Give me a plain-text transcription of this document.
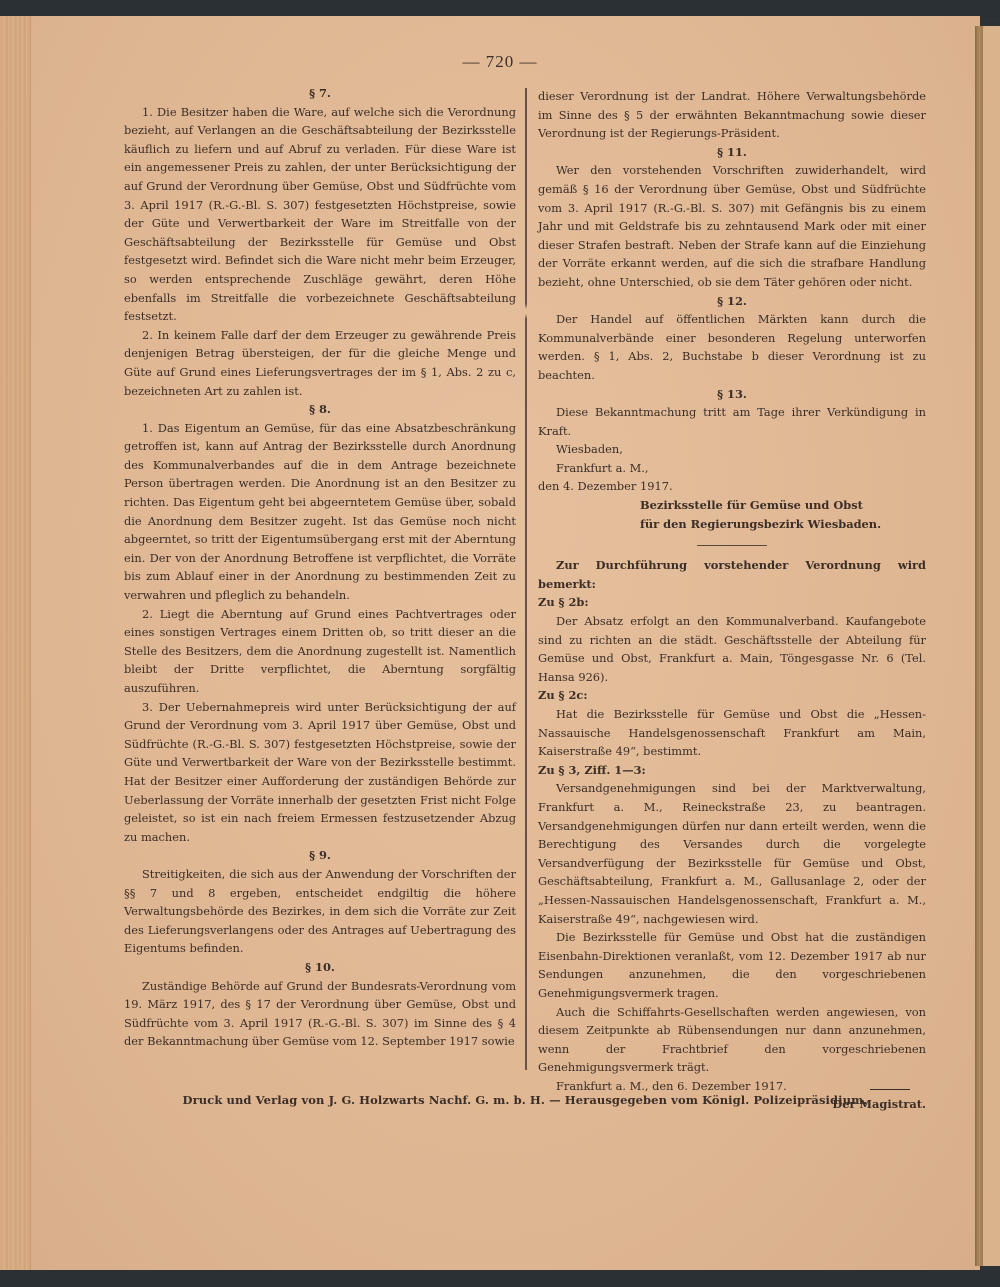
— 720 —

§ 7.

1. Die Besitzer haben die Ware, auf welche sich die Verordnung bezieht, auf Verlangen an die Geschäftsabteilung der Bezirksstelle käuflich zu liefern und auf Abruf zu verladen. Für diese Ware ist ein angemessener Preis zu zahlen, der unter Berücksichtigung der auf Grund der Verordnung über Gemüse, Obst und Südfrüchte vom 3. April 1917 (R.-G.-Bl. S. 307) festgesetzten Höchstpreise, sowie der Güte und Verwertbarkeit der Ware im Streitfalle von der Geschäftsabteilung der Bezirksstelle für Gemüse und Obst festgesetzt wird. Befindet sich die Ware nicht mehr beim Erzeuger, so werden entsprechende Zuschläge gewährt, deren Höhe ebenfalls im Streitfalle die vorbezeichnete Geschäftsabteilung festsetzt.

2. In keinem Falle darf der dem Erzeuger zu gewährende Preis denjenigen Betrag übersteigen, der für die gleiche Menge und Güte auf Grund eines Lieferungsvertrages der im § 1, Abs. 2 zu c, bezeichneten Art zu zahlen ist.

§ 8.

1. Das Eigentum an Gemüse, für das eine Absatzbeschränkung getroffen ist, kann auf Antrag der Bezirksstelle durch Anordnung des Kommunalverbandes auf die in dem Antrage bezeichnete Person übertragen werden. Die Anordnung ist an den Besitzer zu richten. Das Eigentum geht bei abgeerntetem Gemüse über, sobald die Anordnung dem Besitzer zugeht. Ist das Gemüse noch nicht abgeerntet, so tritt der Eigentumsübergang erst mit der Aberntung ein. Der von der Anordnung Betroffene ist verpflichtet, die Vorräte bis zum Ablauf einer in der Anordnung zu bestimmenden Zeit zu verwahren und pfleglich zu behandeln.

2. Liegt die Aberntung auf Grund eines Pachtvertrages oder eines sonstigen Vertrages einem Dritten ob, so tritt dieser an die Stelle des Besitzers, dem die Anordnung zugestellt ist. Namentlich bleibt der Dritte verpflichtet, die Aberntung sorgfältig auszuführen.

3. Der Uebernahmepreis wird unter Berücksichtigung der auf Grund der Verordnung vom 3. April 1917 über Gemüse, Obst und Südfrüchte (R.-G.-Bl. S. 307) festgesetzten Höchstpreise, sowie der Güte und Verwertbarkeit der Ware von der Bezirksstelle bestimmt. Hat der Besitzer einer Aufforderung der zuständigen Behörde zur Ueberlassung der Vorräte innerhalb der gesetzten Frist nicht Folge geleistet, so ist ein nach freiem Ermessen festzusetzender Abzug zu machen.

§ 9.

Streitigkeiten, die sich aus der Anwendung der Vorschriften der §§ 7 und 8 ergeben, entscheidet endgiltig die höhere Verwaltungsbehörde des Bezirkes, in dem sich die Vorräte zur Zeit des Lieferungsverlangens oder des Antrages auf Uebertragung des Eigentums befinden.

§ 10.

Zuständige Behörde auf Grund der Bundesrats-Verordnung vom 19. März 1917, des § 17 der Verordnung über Gemüse, Obst und Südfrüchte vom 3. April 1917 (R.-G.-Bl. S. 307) im Sinne des § 4 der Bekanntmachung über Gemüse vom 12. September 1917 sowie

dieser Verordnung ist der Landrat. Höhere Verwaltungsbehörde im Sinne des § 5 der erwähnten Bekanntmachung sowie dieser Verordnung ist der Regierungs-Präsident.

§ 11.

Wer den vorstehenden Vorschriften zuwiderhandelt, wird gemäß § 16 der Verordnung über Gemüse, Obst und Südfrüchte vom 3. April 1917 (R.-G.-Bl. S. 307) mit Gefängnis bis zu einem Jahr und mit Geldstrafe bis zu zehntausend Mark oder mit einer dieser Strafen bestraft. Neben der Strafe kann auf die Einziehung der Vorräte erkannt werden, auf die sich die strafbare Handlung bezieht, ohne Unterschied, ob sie dem Täter gehören oder nicht.

§ 12.

Der Handel auf öffentlichen Märkten kann durch die Kommunalverbände einer besonderen Regelung unterworfen werden. § 1, Abs. 2, Buchstabe b dieser Verordnung ist zu beachten.

§ 13.

Diese Bekanntmachung tritt am Tage ihrer Verkündigung in Kraft.

Wiesbaden,

Frankfurt a. M.,

den 4. Dezember 1917.

Bezirksstelle für Gemüse und Obst

für den Regierungsbezirk Wiesbaden.

Zur Durchführung vorstehender Verordnung wird bemerkt:

Zu § 2b:

Der Absatz erfolgt an den Kommunalverband. Kaufangebote sind zu richten an die städt. Geschäftsstelle der Abteilung für Gemüse und Obst, Frankfurt a. Main, Töngesgasse Nr. 6 (Tel. Hansa 926).

Zu § 2c:

Hat die Bezirksstelle für Gemüse und Obst die „Hessen-Nassauische Handelsgenossenschaft Frankfurt am Main, Kaiserstraße 49“, bestimmt.

Zu § 3, Ziff. 1—3:

Versandgenehmigungen sind bei der Marktverwaltung, Frankfurt a. M., Reineckstraße 23, zu beantragen. Versandgenehmigungen dürfen nur dann erteilt werden, wenn die Berechtigung des Versandes durch die vorgelegte Versandverfügung der Bezirksstelle für Gemüse und Obst, Geschäftsabteilung, Frankfurt a. M., Gallusanlage 2, oder der „Hessen-Nassauischen Handelsgenossenschaft, Frankfurt a. M., Kaiserstraße 49“, nachgewiesen wird.

Die Bezirksstelle für Gemüse und Obst hat die zuständigen Eisenbahn-Direktionen veranlaßt, vom 12. Dezember 1917 ab nur Sendungen anzunehmen, die den vorgeschriebenen Genehmigungsvermerk tragen.

Auch die Schiffahrts-Gesellschaften werden angewiesen, von diesem Zeitpunkte ab Rübensendungen nur dann anzunehmen, wenn der Frachtbrief den vorgeschriebenen Genehmigungsvermerk trägt.

Frankfurt a. M., den 6. Dezember 1917.

Der Magistrat.

Druck und Verlag von J. G. Holzwarts Nachf. G. m. b. H. — Herausgegeben vom Königl. Polizeipräsidium.
